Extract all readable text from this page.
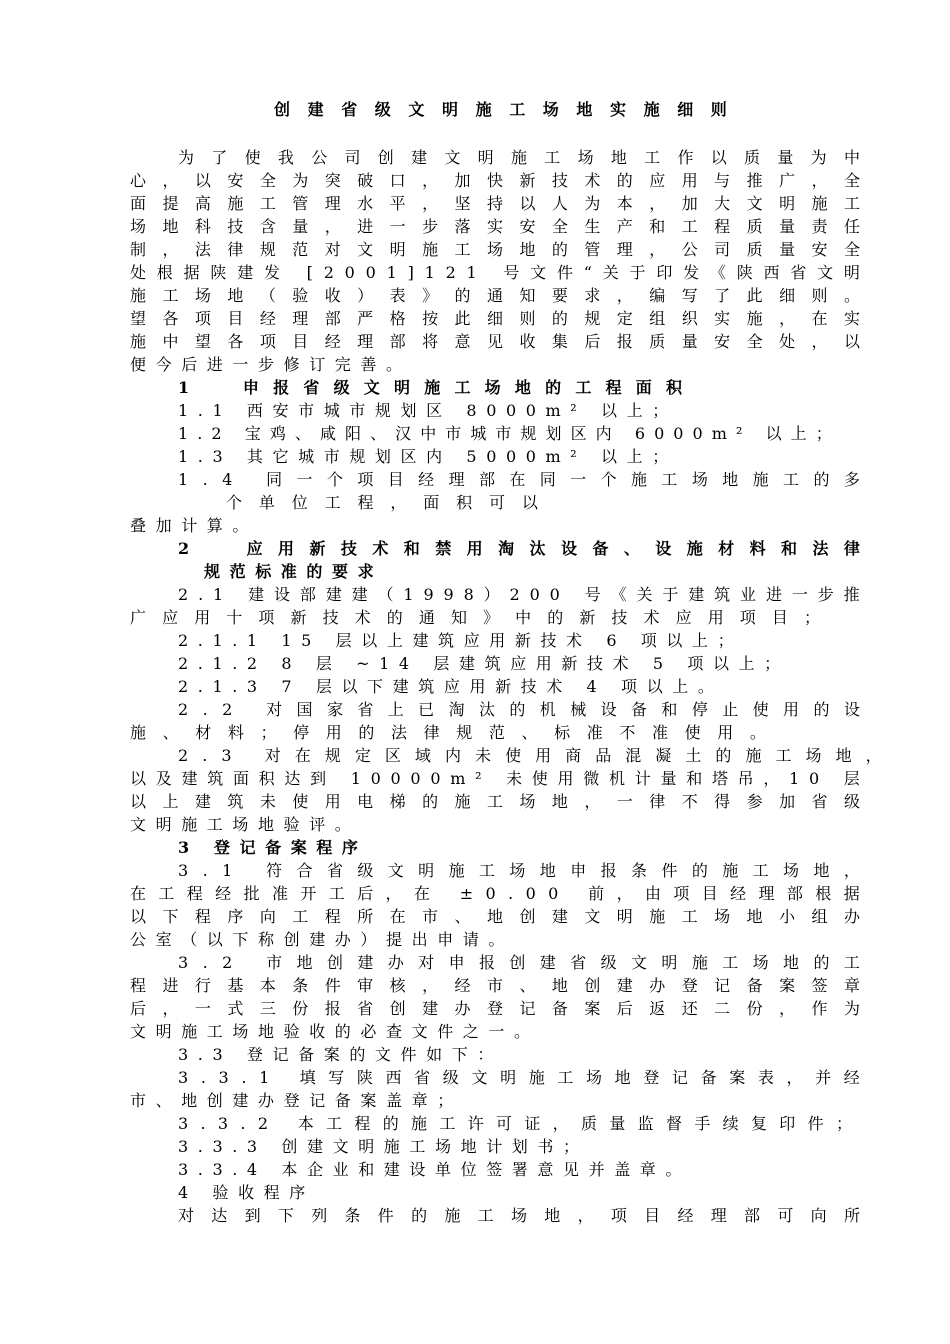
创建省级文明施工场地实施细则
为 了 使 我 公 司 创 建 文 明 施 工 场 地 工 作 以 质 量 为 中
心 ， 以 安 全 为 突 破 口 ， 加 快 新 技 术 的 应 用 与 推 广 ， 全
面 提 高 施 工 管 理 水 平 ， 坚 持 以 人 为 本 ， 加 大 文 明 施 工
场 地 科 技 含 量 ， 进 一 步 落 实 安 全 生 产 和 工 程 质 量 责 任
制 ， 法 律 规 范 对 文 明 施 工 场 地 的 管 理 ， 公 司 质 量 安 全
处 根 据 陕 建 发
[ 2 0 0 1 ] 1 2 1
号 文 件 “ 关 于 印 发 《 陕 西 省 文 明
施 工 场 地 （ 验 收 ） 表 》 的 通 知 要 求 ， 编 写 了 此 细 则 。
望 各 项 目 经 理 部 严 格 按 此 细 则 的 规 定 组 织 实 施 ， 在 实
施 中 望 各 项 目 经 理 部 将 意 见 收 集 后 报 质 量 安 全 处 ， 以
便今后进一步修订完善。
1

	申 报 省 级 文 明 施 工 场 地 的 工 程 面 积
1.1 西安市城市规划区 8000m² 以上；
1 . 2
宝 鸡 、 咸 阳 、 汉 中 市 城 市 规 划 区 内
6 0 0 0 m ²
以 上 ；
1.3 其它城市规划区内 5000m² 以上；
1 . 4
同 一 个 项 目 经 理 部 在 同 一 个 施 工 场 地 施 工 的 多
个 单 位 工 程 ， 面 积 可 以
叠加计算。
2

	应 用 新 技 术 和 禁 用 淘 汰 设 备 、 设 施 材 料 和 法 律
规范标准的要求
2 . 1
建 设 部 建 建 （ 1 9 9 8 ） 2 0 0
号 《 关 于 建 筑 业 进 一 步 推
广 应 用 十 项 新 技 术 的 通 知 》 中 的 新 技 术 应 用 项 目 ；
2.1.1 15 层以上建筑应用新技术 6 项以上；
2.1.2 8 层 ~14 层建筑应用新技术 5 项以上；
2.1.3 7 层以下建筑应用新技术 4 项以上。
2 . 2
对 国 家 省 上 已 淘 汰 的 机 械 设 备 和 停 止 使 用 的 设
施 、 材 料 ； 停 用 的 法 律 规 范 、 标 准 不 准 使 用 。
2 . 3
对 在 规 定 区 域 内 未 使 用 商 品 混 凝 土 的 施 工 场 地 ，
以 及 建 筑 面 积 达 到
1 0 0 0 0 m ²
未 使 用 微 机 计 量 和 塔 吊 ， 1 0
层
以 上 建 筑 未 使 用 电 梯 的 施 工 场 地 ， 一 律 不 得 参 加 省 级
文明施工场地验评。
3 登记备案程序
3 . 1
符 合 省 级 文 明 施 工 场 地 申 报 条 件 的 施 工 场 地 ，
在 工 程 经 批 准 开 工 后 ， 在
± 0 . 0 0
前 ， 由 项 目 经 理 部 根 据
以 下 程 序 向 工 程 所 在 市 、 地 创 建 文 明 施 工 场 地 小 组 办
公室（以下称创建办）提出申请。
3 . 2
市 地 创 建 办 对 申 报 创 建 省 级 文 明 施 工 场 地 的 工
程 进 行 基 本 条 件 审 核 ， 经 市 、 地 创 建 办 登 记 备 案 签 章
后 ， 一 式 三 份 报 省 创 建 办 登 记 备 案 后 返 还 二 份 ， 作 为
文明施工场地验收的必查文件之一。
3.3 登记备案的文件如下：
3 . 3 . 1
填 写 陕 西 省 级 文 明 施 工 场 地 登 记 备 案 表 ， 并 经
市、地创建办登记备案盖章；
3 . 3 . 2
本 工 程 的 施 工 许 可 证 ， 质 量 监 督 手 续 复 印 件 ；
3.3.3 创建文明施工场地计划书；
3.3.4 本企业和建设单位签署意见并盖章。
4 验收程序
对 达 到 下 列 条 件 的 施 工 场 地 ， 项 目 经 理 部 可 向 所
